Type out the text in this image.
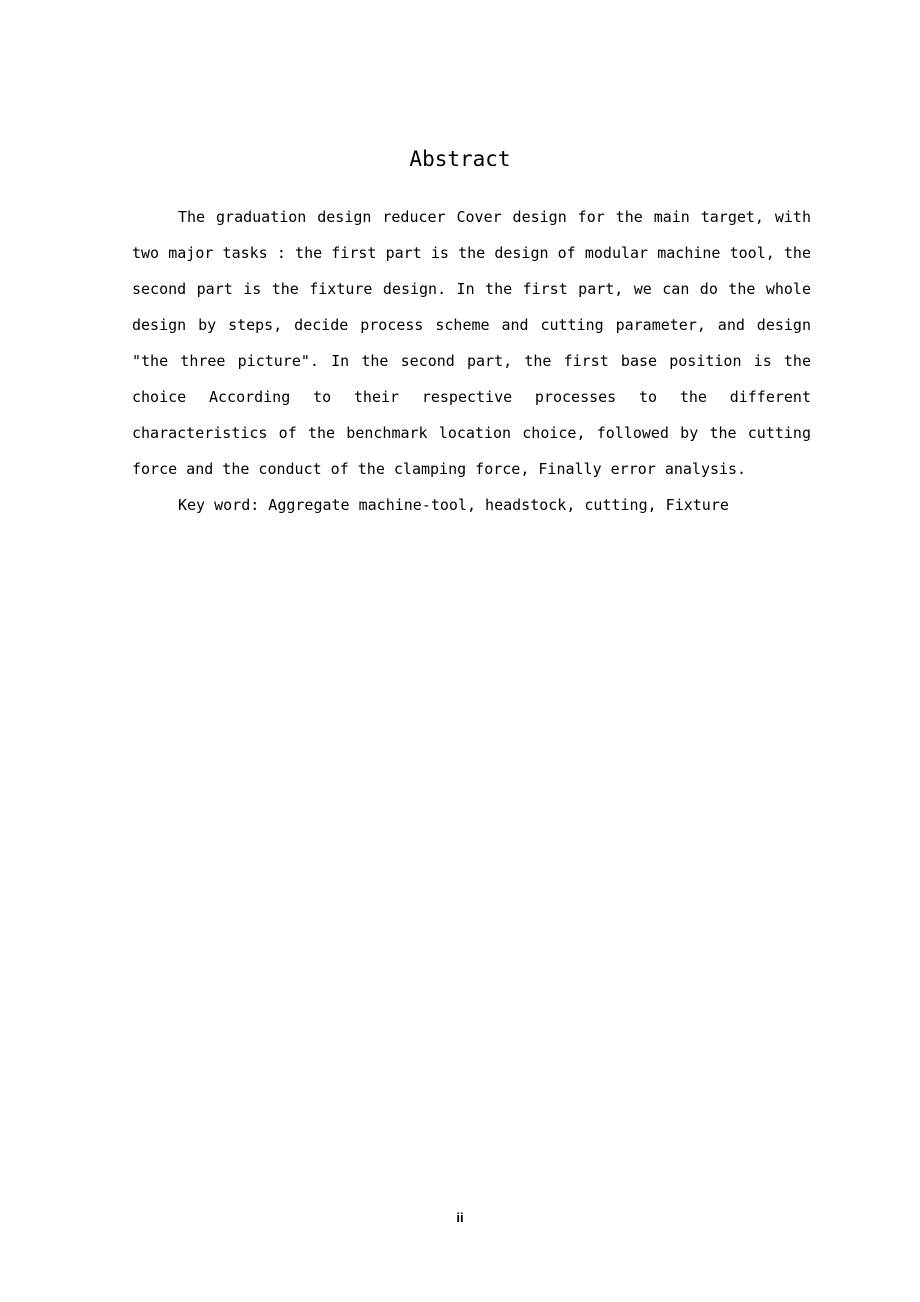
Abstract

The graduation design reducer Cover design for the main target, with two major tasks : the first part is the design of modular machine tool, the second part is the fixture design. In the first part, we can do the whole design by steps, decide process scheme and cutting parameter, and design "the three picture". In the second part, the first base position is the choice According to their respective processes to the different characteristics of the benchmark location choice, followed by the cutting force and the conduct of the clamping force, Finally error analysis.

Key word: Aggregate machine-tool, headstock, cutting, Fixture

ii
